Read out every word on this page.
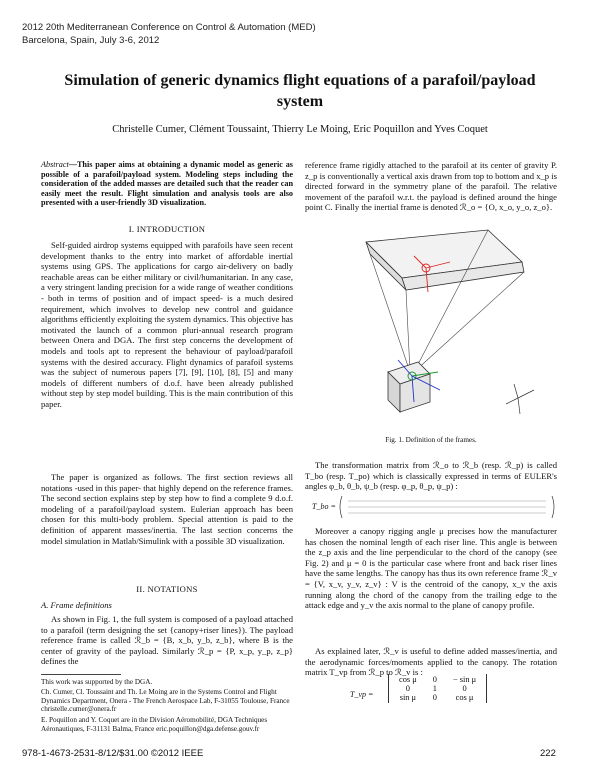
2012 20th Mediterranean Conference on Control & Automation (MED)
Barcelona, Spain, July 3-6, 2012
Simulation of generic dynamics flight equations of a parafoil/payload system
Christelle Cumer, Clément Toussaint, Thierry Le Moing, Eric Poquillon and Yves Coquet
Abstract—This paper aims at obtaining a dynamic model as generic as possible of a parafoil/payload system. Modeling steps including the consideration of the added masses are detailed such that the reader can easily meet the result. Flight simulation and analysis tools are also presented with a user-friendly 3D visualization.
I. INTRODUCTION

Self-guided airdrop systems equipped with parafoils have seen recent development thanks to the entry into market of affordable inertial systems using GPS. The applications for cargo air-delivery on badly reachable areas can be either military or civil/humanitarian. In any case, a very stringent landing precision for a wide range of weather conditions - both in terms of position and of impact speed- is a much desired requirement, which involves to develop new control and guidance algorithms efficiently exploiting the system dynamics. This objective has motivated the launch of a common pluri-annual research program between Onera and DGA. The first step concerns the development of models and tools apt to represent the behaviour of payload/parafoil systems with the desired accuracy. Flight dynamics of parafoil systems was the subject of numerous papers [7], [9], [10], [8], [5] and many models of different numbers of d.o.f. have been already published without step by step model building. This is the main contribution of this paper.

The paper is organized as follows. The first section reviews all notations -used in this paper- that highly depend on the reference frames. The second section explains step by step how to find a complete 9 d.o.f. modeling of a parafoil/payload system. Eulerian approach has been chosen for this multi-body problem. Special attention is paid to the definition of apparent masses/inertia. The last section concerns the model simulation in Matlab/Simulink with a possible 3D visualization.

II. NOTATIONS
A. Frame definitions

As shown in Fig. 1, the full system is composed of a payload attached to a parafoil (term designing the set {canopy+riser lines}). The payload reference frame is called ℛ_b = {B, x_b, y_b, z_b}, where B is the center of gravity of the payload. Similarly ℛ_p = {P, x_p, y_p, z_p} defines the

This work was supported by the DGA.
Ch. Cumer, Cl. Toussaint and Th. Le Moing are in the Systems Control and Flight Dynamics Department, Onera - The French Aerospace Lab, F-31055 Toulouse, France christelle.cumer@onera.fr
E. Poquillon and Y. Coquet are in the Division Aéromobilité, DGA Techniques Aéronautiques, F-31131 Balma, France eric.poquillon@dga.defense.gouv.fr

reference frame rigidly attached to the parafoil at its center of gravity P. z_p is conventionally a vertical axis drawn from top to bottom and x_p is directed forward in the symmetry plane of the parafoil. The relative movement of the parafoil w.r.t. the payload is defined around the hinge point C. Finally the inertial frame is denoted ℛ_o = {O, x_o, y_o, z_o}.

Fig. 1. Definition of the frames.

The transformation matrix from ℛ_o to ℛ_b (resp. ℛ_p) is called T_bo (resp. T_po) which is classically expressed in terms of EULER's angles φ_b, θ_b, ψ_b (resp. φ_p, θ_p, ψ_p) :

T_bo =

Moreover a canopy rigging angle μ precises how the manufacturer has chosen the nominal length of each riser line. This angle is between the z_p axis and the line perpendicular to the chord of the canopy (see Fig. 2) and μ = 0 is the particular case where front and back riser lines have the same lengths. The canopy has thus its own reference frame ℛ_v = {V, x_v, y_v, z_v} : V is the centroid of the canopy, x_v the axis running along the chord of the canopy from the trailing edge to the attack edge and y_v the axis normal to the plane of canopy profile.

As explained later, ℛ_v is useful to define added masses/inertia, and the aerodynamic forces/moments applied to the canopy. The rotation matrix T_vp from ℛ_p to ℛ_v is :

T_vp =
cos μ	0	− sin μ
0	1	0
sin μ	0	cos μ
978-1-4673-2531-8/12/$31.00 ©2012 IEEE	222
